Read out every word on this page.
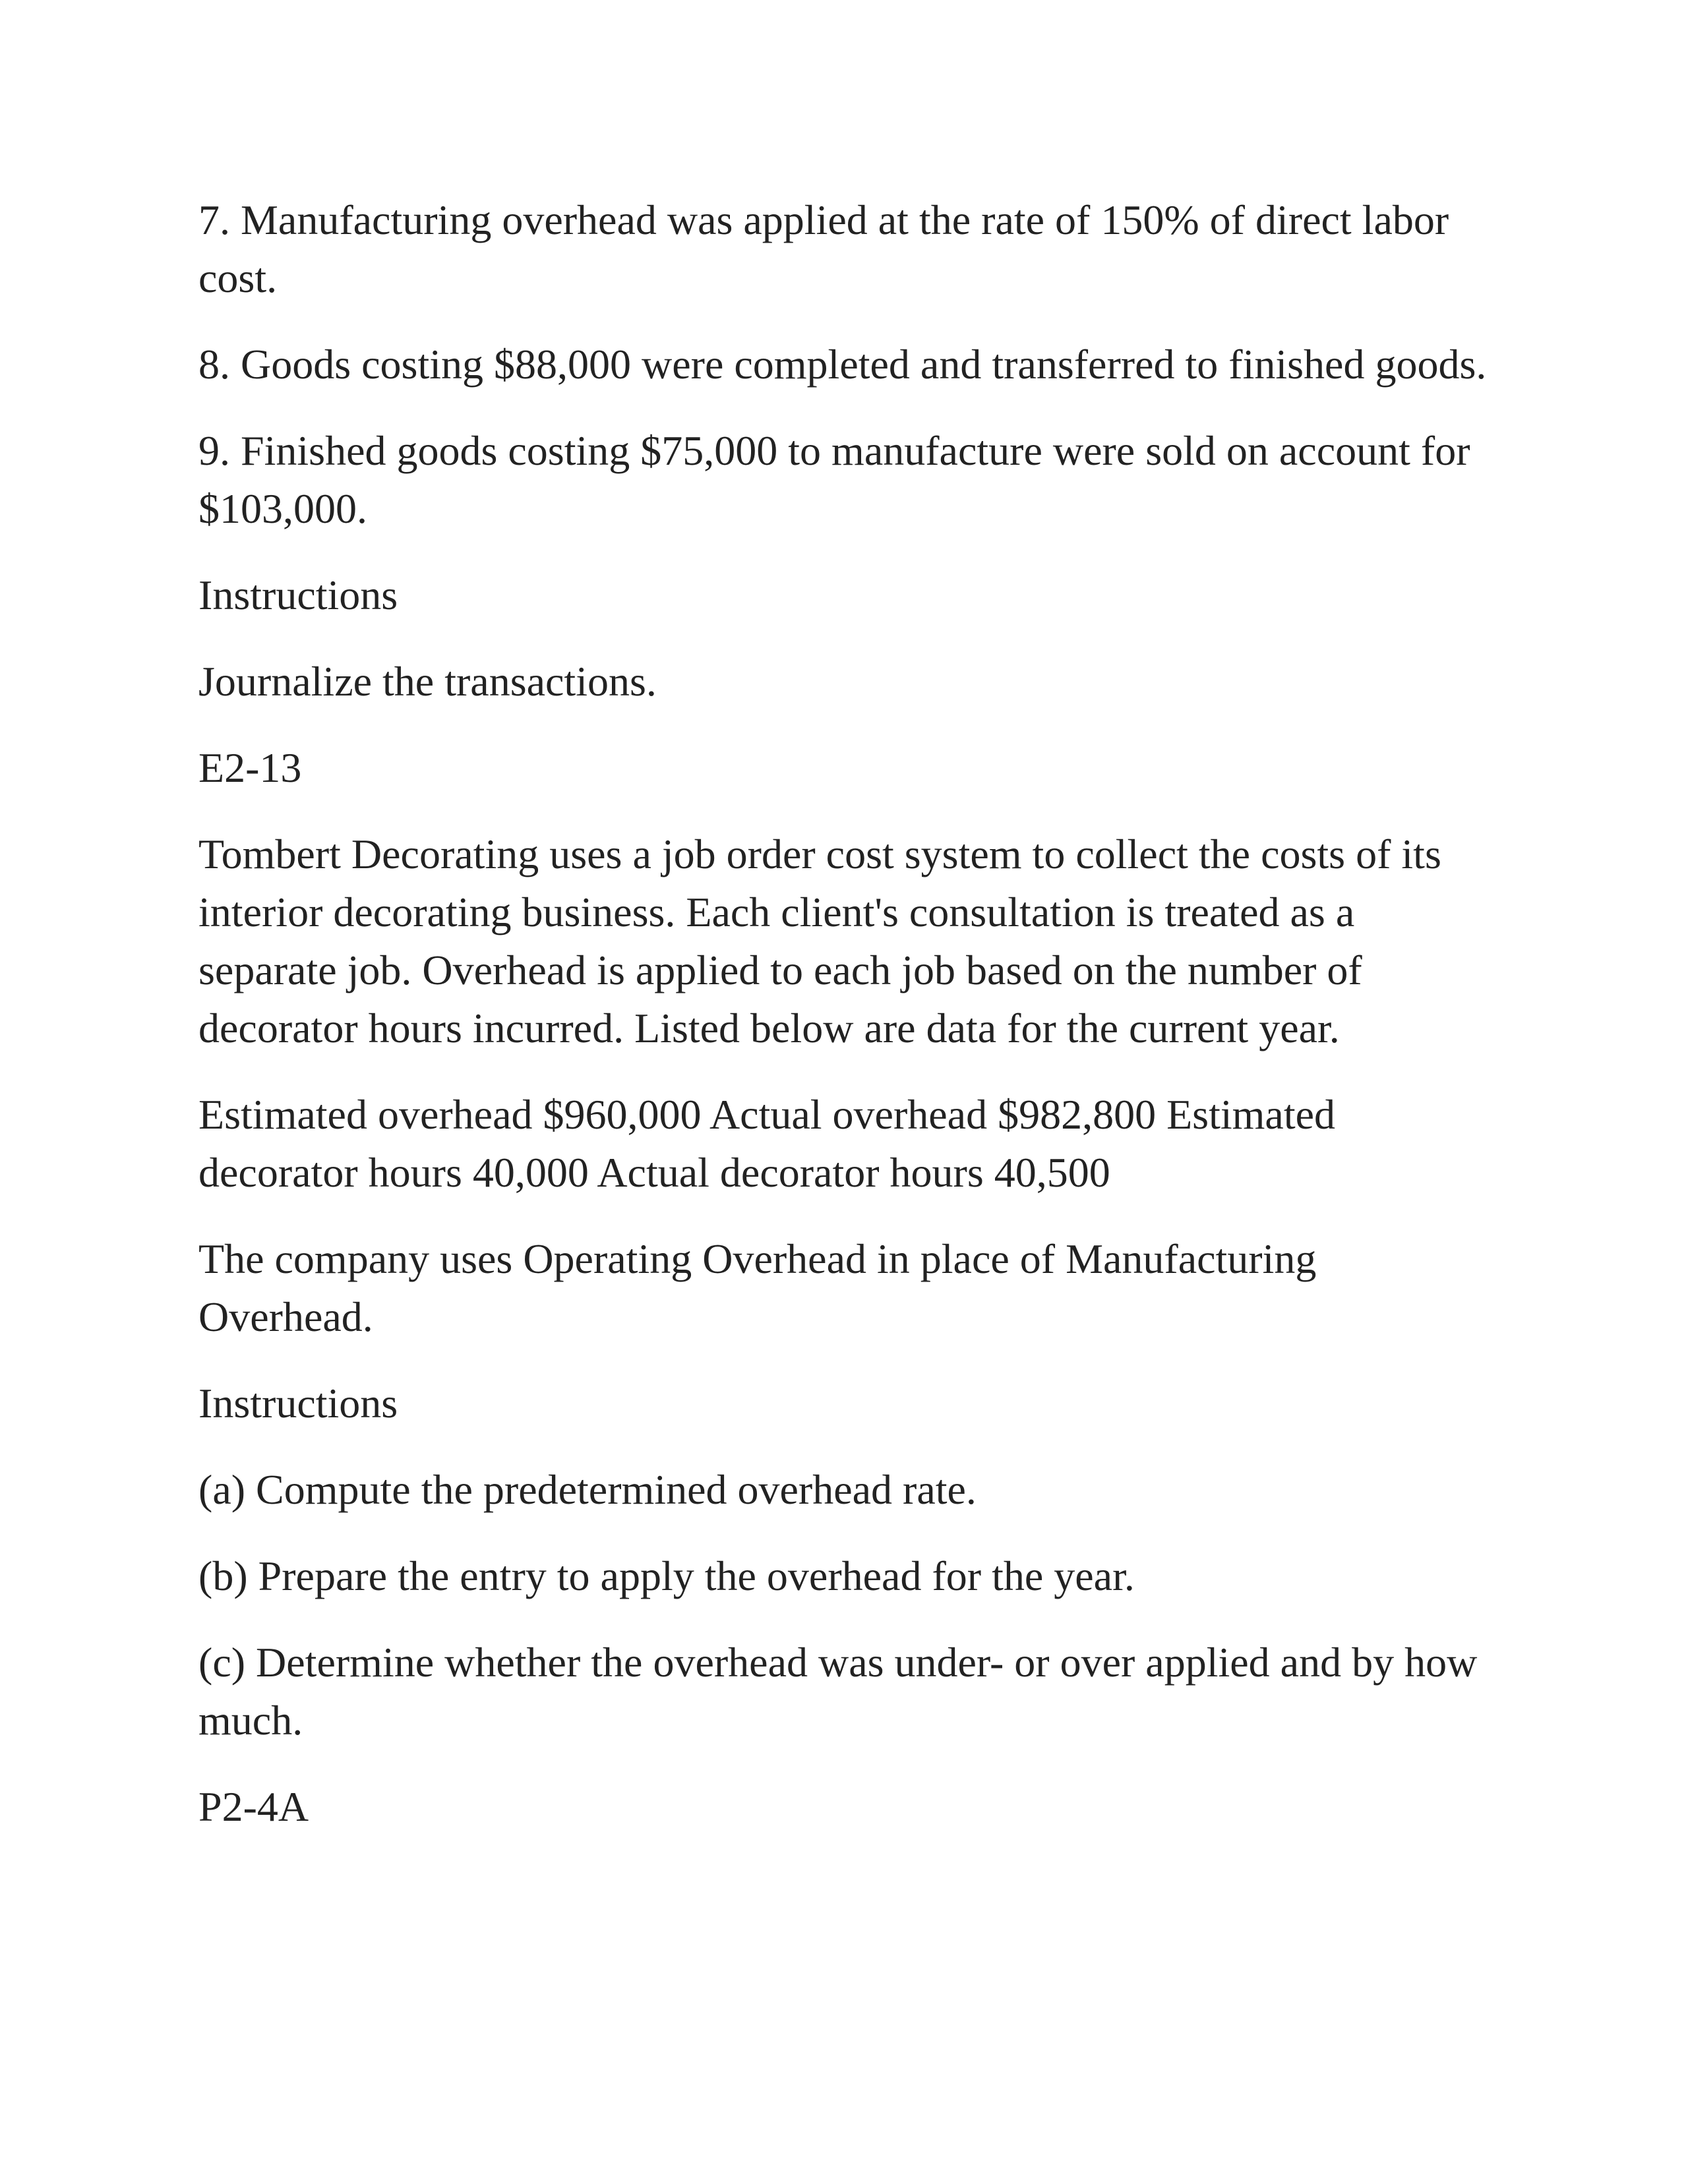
7. Manufacturing overhead was applied at the rate of 150% of direct labor cost.

8. Goods costing $88,000 were completed and transferred to finished goods.

9. Finished goods costing $75,000 to manufacture were sold on account for $103,000.

Instructions

Journalize the transactions.

E2-13

Tombert Decorating uses a job order cost system to collect the costs of its interior decorating business. Each client's consultation is treated as a separate job. Overhead is applied to each job based on the number of decorator hours incurred. Listed below are data for the current year.

Estimated overhead $960,000 Actual overhead $982,800 Estimated decorator hours 40,000 Actual decorator hours 40,500

The company uses Operating Overhead in place of Manufacturing Overhead.

Instructions

(a) Compute the predetermined overhead rate.

(b) Prepare the entry to apply the overhead for the year.

(c) Determine whether the overhead was under- or over applied and by how much.

P2-4A
